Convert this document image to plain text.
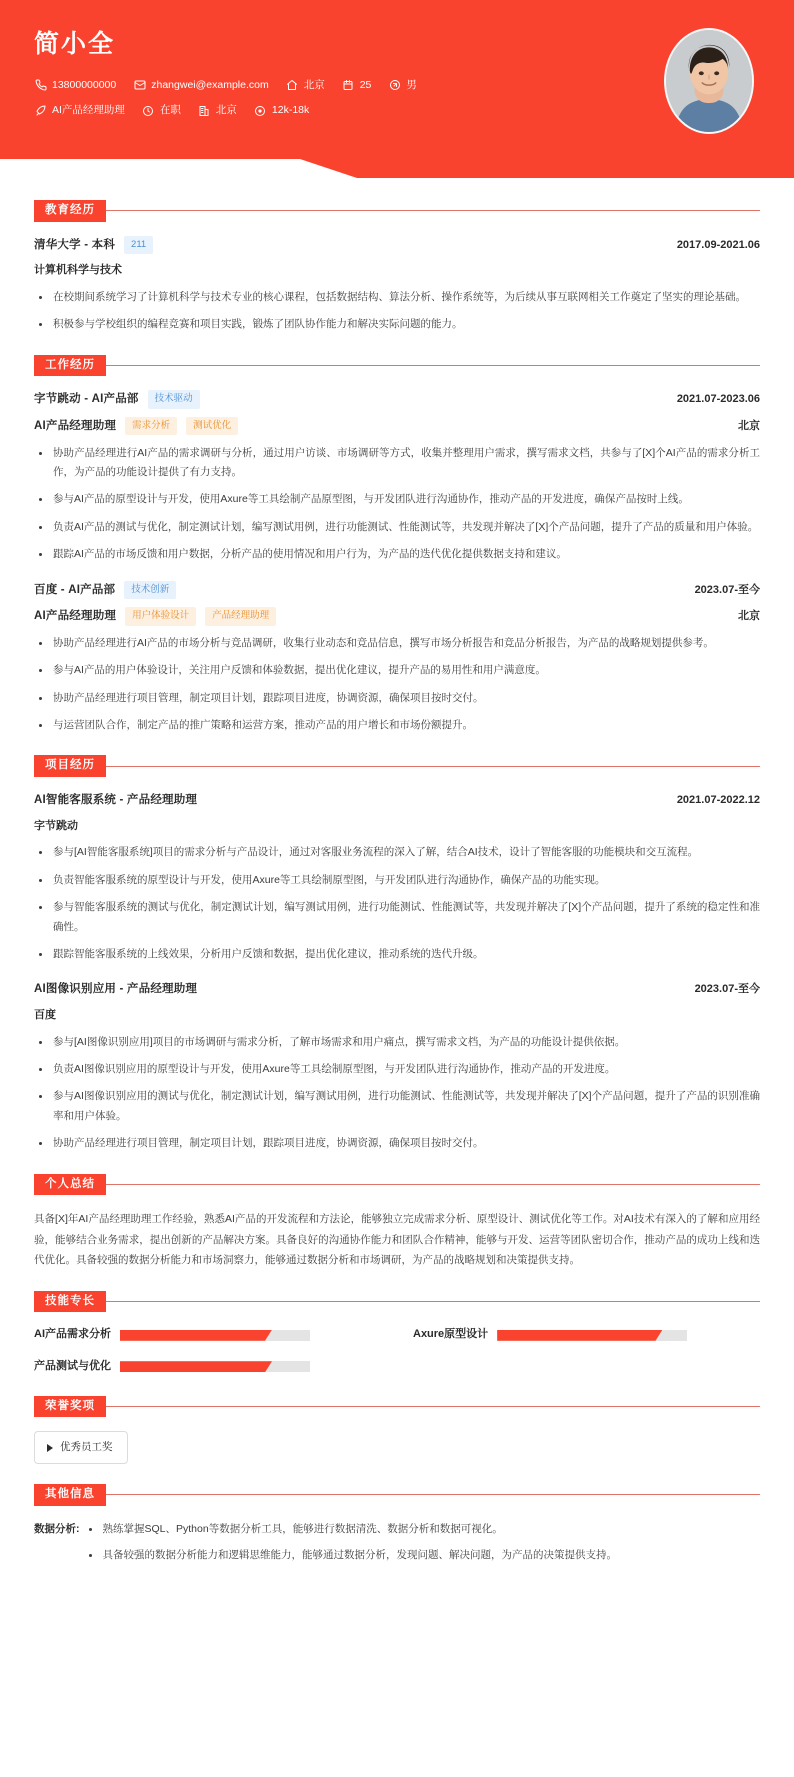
简小全
13800000000	zhangwei@example.com	北京	25	男
AI产品经理助理	在职	北京	12k-18k
教育经历
清华大学 - 本科	211	2017.09-2021.06
计算机科学与技术
在校期间系统学习了计算机科学与技术专业的核心课程，包括数据结构、算法分析、操作系统等，为后续从事互联网相关工作奠定了坚实的理论基础。
积极参与学校组织的编程竞赛和项目实践，锻炼了团队协作能力和解决实际问题的能力。
工作经历
字节跳动 - AI产品部	技术驱动	2021.07-2023.06
AI产品经理助理	需求分析	测试优化	北京
协助产品经理进行AI产品的需求调研与分析，通过用户访谈、市场调研等方式，收集并整理用户需求，撰写需求文档，共参与了[X]个AI产品的需求分析工作，为产品的功能设计提供了有力支持。
参与AI产品的原型设计与开发，使用Axure等工具绘制产品原型图，与开发团队进行沟通协作，推动产品的开发进度，确保产品按时上线。
负责AI产品的测试与优化，制定测试计划，编写测试用例，进行功能测试、性能测试等，共发现并解决了[X]个产品问题，提升了产品的质量和用户体验。
跟踪AI产品的市场反馈和用户数据，分析产品的使用情况和用户行为，为产品的迭代优化提供数据支持和建议。
百度 - AI产品部	技术创新	2023.07-至今
AI产品经理助理	用户体验设计	产品经理助理	北京
协助产品经理进行AI产品的市场分析与竞品调研，收集行业动态和竞品信息，撰写市场分析报告和竞品分析报告，为产品的战略规划提供参考。
参与AI产品的用户体验设计，关注用户反馈和体验数据，提出优化建议，提升产品的易用性和用户满意度。
协助产品经理进行项目管理，制定项目计划，跟踪项目进度，协调资源，确保项目按时交付。
与运营团队合作，制定产品的推广策略和运营方案，推动产品的用户增长和市场份额提升。
项目经历
AI智能客服系统 - 产品经理助理	2021.07-2022.12
字节跳动
参与[AI智能客服系统]项目的需求分析与产品设计，通过对客服业务流程的深入了解，结合AI技术，设计了智能客服的功能模块和交互流程。
负责智能客服系统的原型设计与开发，使用Axure等工具绘制原型图，与开发团队进行沟通协作，确保产品的功能实现。
参与智能客服系统的测试与优化，制定测试计划，编写测试用例，进行功能测试、性能测试等，共发现并解决了[X]个产品问题，提升了系统的稳定性和准确性。
跟踪智能客服系统的上线效果，分析用户反馈和数据，提出优化建议，推动系统的迭代升级。
AI图像识别应用 - 产品经理助理	2023.07-至今
百度
参与[AI图像识别应用]项目的市场调研与需求分析，了解市场需求和用户痛点，撰写需求文档，为产品的功能设计提供依据。
负责AI图像识别应用的原型设计与开发，使用Axure等工具绘制原型图，与开发团队进行沟通协作，推动产品的开发进度。
参与AI图像识别应用的测试与优化，制定测试计划，编写测试用例，进行功能测试、性能测试等，共发现并解决了[X]个产品问题，提升了产品的识别准确率和用户体验。
协助产品经理进行项目管理，制定项目计划，跟踪项目进度，协调资源，确保项目按时交付。
个人总结

具备[X]年AI产品经理助理工作经验，熟悉AI产品的开发流程和方法论，能够独立完成需求分析、原型设计、测试优化等工作。对AI技术有深入的了解和应用经验，能够结合业务需求，提出创新的产品解决方案。具备良好的沟通协作能力和团队合作精神，能够与开发、运营等团队密切合作，推动产品的成功上线和迭代优化。具备较强的数据分析能力和市场洞察力，能够通过数据分析和市场调研，为产品的战略规划和决策提供支持。

技能专长
AI产品需求分析	Axure原型设计
产品测试与优化
荣誉奖项
优秀员工奖
其他信息
数据分析:	熟练掌握SQL、Python等数据分析工具，能够进行数据清洗、数据分析和数据可视化。
具备较强的数据分析能力和逻辑思维能力，能够通过数据分析，发现问题、解决问题，为产品的决策提供支持。
